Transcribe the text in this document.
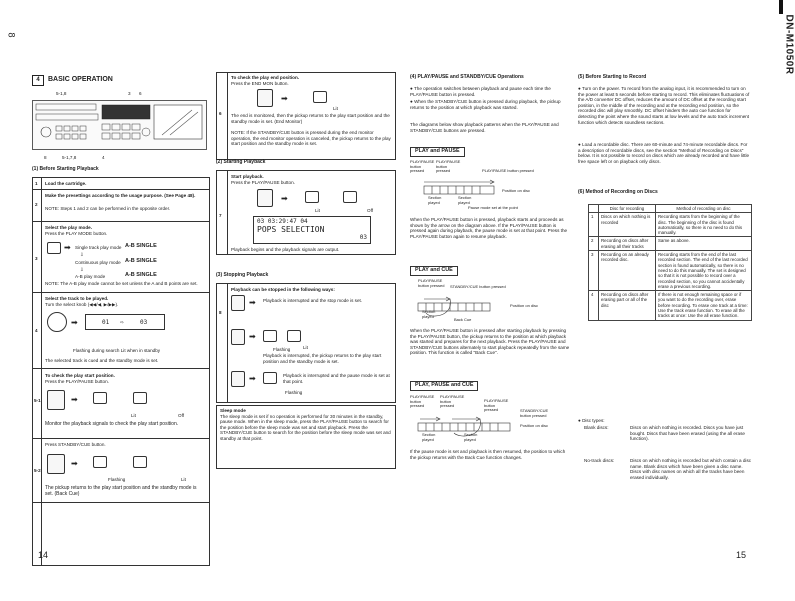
8	DN-M1050R
4	BASIC OPERATION
5-1,8	3 6
8	5-1,7,8	4
(1) Before Starting Playback
1 Load the cartridge.
2
Make the presettings according to the usage purpose. (See Page 48).
NOTE: Steps 1 and 2 can be performed in the opposite order.
3
Select the play mode.
Press the PLAY MODE button.
➡ Single track play mode A-B SINGLE
⇩
Continuous play mode A-B SINGLE
⇩
A-B play mode	A-B SINGLE
NOTE: The A-B play mode cannot be set unless the A and B points are set.
4
Select the track to be played.
Turn the select knob (◀◀/◀, ▶/▶▶).
➡	01 ⇨	03
Flashing during search Lit when in standby
The selected track is cued and the standby mode is set.
5-1
To check the play start position.
Press the PLAY/PAUSE button.
➡
Lit	Off
Monitor the playback signals to check the play start position.
5-2
Press STANDBY/CUE button.
➡
Flashing	Lit
The pickup returns to the play start position and the standby mode is set. (Back Cue)
6
To check the play end position.
Press the END MON button.
➡
Lit
The end is monitored, then the pickup returns to the play start position and the standby mode is set. (End Monitor)
NOTE: If the STANDBY/CUE button is pressed during the end monitor operation, the end monitor operation is canceled, the pickup returns to the play start position and the standby mode is set.
(2) Starting Playback
7
Start playback.
Press the PLAY/PAUSE button.
➡
Lit	Off
03 03:29:47 04
POPS SELECTION
03
Playback begins and the playback signals are output.
(3) Stopping Playback
8
Playback can be stopped in the following ways:
➡ Playback is interrupted and the stop mode is set.
➡
Flashing	Lit
Playback is interrupted, the pickup returns to the play start position and the standby mode is set.
➡	Playback is interrupted and the pause mode is set at that point.
Flashing
Sleep mode
The sleep mode is set if no operation is performed for 30 minutes in the standby, pause mode. When in the sleep mode, press the PLAY/PAUSE button to search for the position before the sleep mode was set and start playback. Press the STANDBY/CUE button to search for the position before the sleep mode was set and standby at that point.
14
(4) PLAY/PAUSE and STANDBY/CUE Operations
● The operation switches between playback and pause each time the PLAY/PAUSE button is pressed.
● When the STANDBY/CUE button is pressed during playback, the pickup returns to the position at which playback was started.
The diagrams below show playback patterns when the PLAY/PAUSE and STANDBY/CUE buttons are pressed.
PLAY and PAUSE
PLAY/PAUSE button pressed
PLAY/PAUSE button pressed	PLAY/PAUSE button pressed
Position on disc
Section played
Section played
Pause mode set at the point
When the PLAY/PAUSE button is pressed, playback starts and proceeds as shown by the arrow on the diagram above. If the PLAY/PAUSE button is pressed again during playback, the pause mode is set at that point. Press the PLAY/PAUSE button again to resume playback.
PLAY and CUE
PLAY/PAUSE button pressed	STANDBY/CUE button pressed
Position on disc
Section played
Back Cue
When the PLAY/PAUSE button is pressed after starting playback by pressing the PLAY/PAUSE button, the pickup returns to the position at which playback was started and prepares for the next playback. Press the PLAY/PAUSE and STANDBY/CUE buttons alternately to start playback repeatedly from the same position. This function is called "Back Cue".
PLAY, PAUSE and CUE
PLAY/PAUSE button pressed
PLAY/PAUSE button pressed
PLAY/PAUSE button pressed	STANDBY/CUE button pressed
Position on disc
Section played
Section played
If the pause mode is set and playback is then resumed, the position to which the pickup returns with the Back Cue function changes.
(5) Before Starting to Record
● Turn on the power. To record from the analog input, it is recommended to turn on the power at least 5 seconds before starting to record. This eliminates fluctuations of the A/D converter DC offset, reduces the amount of DC offset at the recording start position, in the middle of the recording and at the recording end position, so the recorded disc will play smoothly. DC offset hinders the auto cue function for detecting the point where the sound starts at low levels and the auto track increment function which detects soundless sections.
● Load a recordable disc. There are 60-minute and 74-minute recordable discs. For a description of recordable discs, see the section "Method of Recording on Discs" below. It is not possible to record on discs which are already recorded and have little free space left or on playback only discs.
(6) Method of Recording on Discs
	Disc for recording	Method of recording on disc
1	Discs on which nothing is recorded	Recording starts from the beginning of the disc. The beginning of the disc is found automatically, so there is no need to do this manually.
2	Recording on discs after erasing all their tracks	Same as above.
3	Recording on an already recorded disc.	Recording starts from the end of the last recorded section. The end of the last recorded section is found automatically, so there is no need to do this manually. The set is designed so that it is not possible to record over a recorded section, so you cannot accidentally erase a previous recording.
4	Recording on discs after erasing part or all of the disc	If there is not enough remaining space or if you want to do the recording over, erase before recording. To erase one track at a time: Use the track erase function. To erase all the tracks at once: Use the all erase function.
● Disc types:
Blank discs:	Discs on which nothing is recorded. Discs you have just bought. Discs that have been erased (using the all erase function).
No-track discs:	Discs on which nothing is recorded but which contain a disc name. Blank discs which have been given a disc name. Discs with disc names on which all the tracks have been erased individually.
15
